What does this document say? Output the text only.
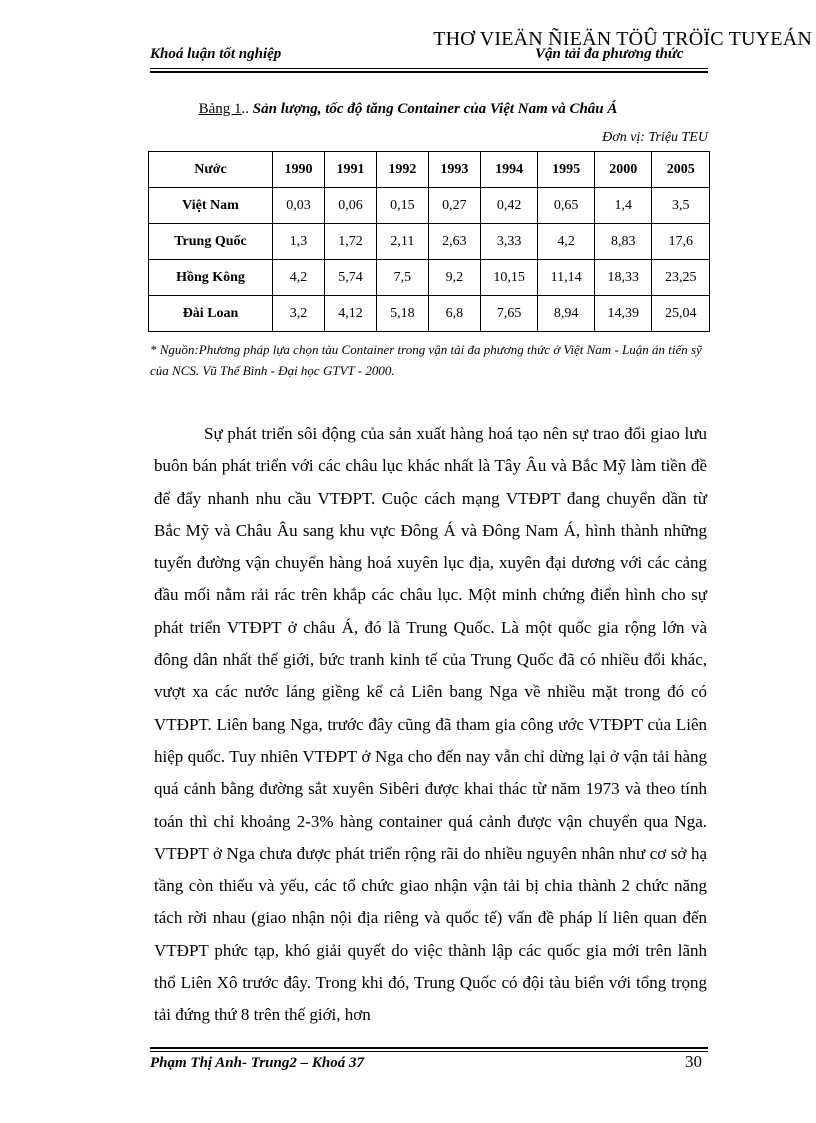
THƠ VIEÄN ÑIEÄN TÖÛ TRÖÏC TUYEÁN
Khoá luận tốt nghiệp	Vận tải đa phương thức
Bảng 1.. Sản lượng, tốc độ tăng Container của Việt Nam và Châu Á
Đơn vị: Triệu TEU
Nước	1990	1991	1992	1993	1994	1995	2000	2005
Việt Nam	0,03	0,06	0,15	0,27	0,42	0,65	1,4	3,5
Trung Quốc	1,3	1,72	2,11	2,63	3,33	4,2	8,83	17,6
Hồng Kông	4,2	5,74	7,5	9,2	10,15	11,14	18,33	23,25
Đài Loan	3,2	4,12	5,18	6,8	7,65	8,94	14,39	25,04
* Nguồn:Phương pháp lựa chọn tàu Container trong vận tải đa phương thức ở Việt Nam - Luận án tiến sỹ của NCS. Vũ Thế Bình - Đại học GTVT - 2000.
Sự phát triển sôi động của sản xuất hàng hoá tạo nên sự trao đổi giao lưu buôn bán phát triển với các châu lục khác nhất là Tây Âu và Bắc Mỹ làm tiền đề để đẩy nhanh nhu cầu VTĐPT. Cuộc cách mạng VTĐPT đang chuyển dần từ Bắc Mỹ và Châu Âu sang khu vực Đông Á và Đông Nam Á, hình thành những tuyến đường vận chuyển hàng hoá xuyên lục địa, xuyên đại dương với các cảng đầu mối nằm rải rác trên khắp các châu lục. Một minh chứng điển hình cho sự phát triển VTĐPT ở châu Á, đó là Trung Quốc. Là một quốc gia rộng lớn và đông dân nhất thế giới, bức tranh kinh tế của Trung Quốc đã có nhiều đổi khác, vượt xa các nước láng giềng kể cả Liên bang Nga về nhiều mặt trong đó có VTĐPT. Liên bang Nga, trước đây cũng đã tham gia công ước VTĐPT của Liên hiệp quốc. Tuy nhiên VTĐPT ở Nga cho đến nay vẫn chỉ dừng lại ở vận tải hàng quá cảnh bằng đường sắt xuyên Sibêri được khai thác từ năm 1973 và theo tính toán thì chỉ khoảng 2-3% hàng container quá cảnh được vận chuyển qua Nga. VTĐPT ở Nga chưa được phát triển rộng rãi do nhiều nguyên nhân như cơ sở hạ tầng còn thiếu và yếu, các tổ chức giao nhận vận tải bị chia thành 2 chức năng tách rời nhau (giao nhận nội địa riêng và quốc tế) vấn đề pháp lí liên quan đến VTĐPT phức tạp, khó giải quyết do việc thành lập các quốc gia mới trên lãnh thổ Liên Xô trước đây. Trong khi đó, Trung Quốc có đội tàu biển với tổng trọng tải đứng thứ 8 trên thế giới, hơn
Phạm Thị Anh- Trung2 – Khoá 37	30
